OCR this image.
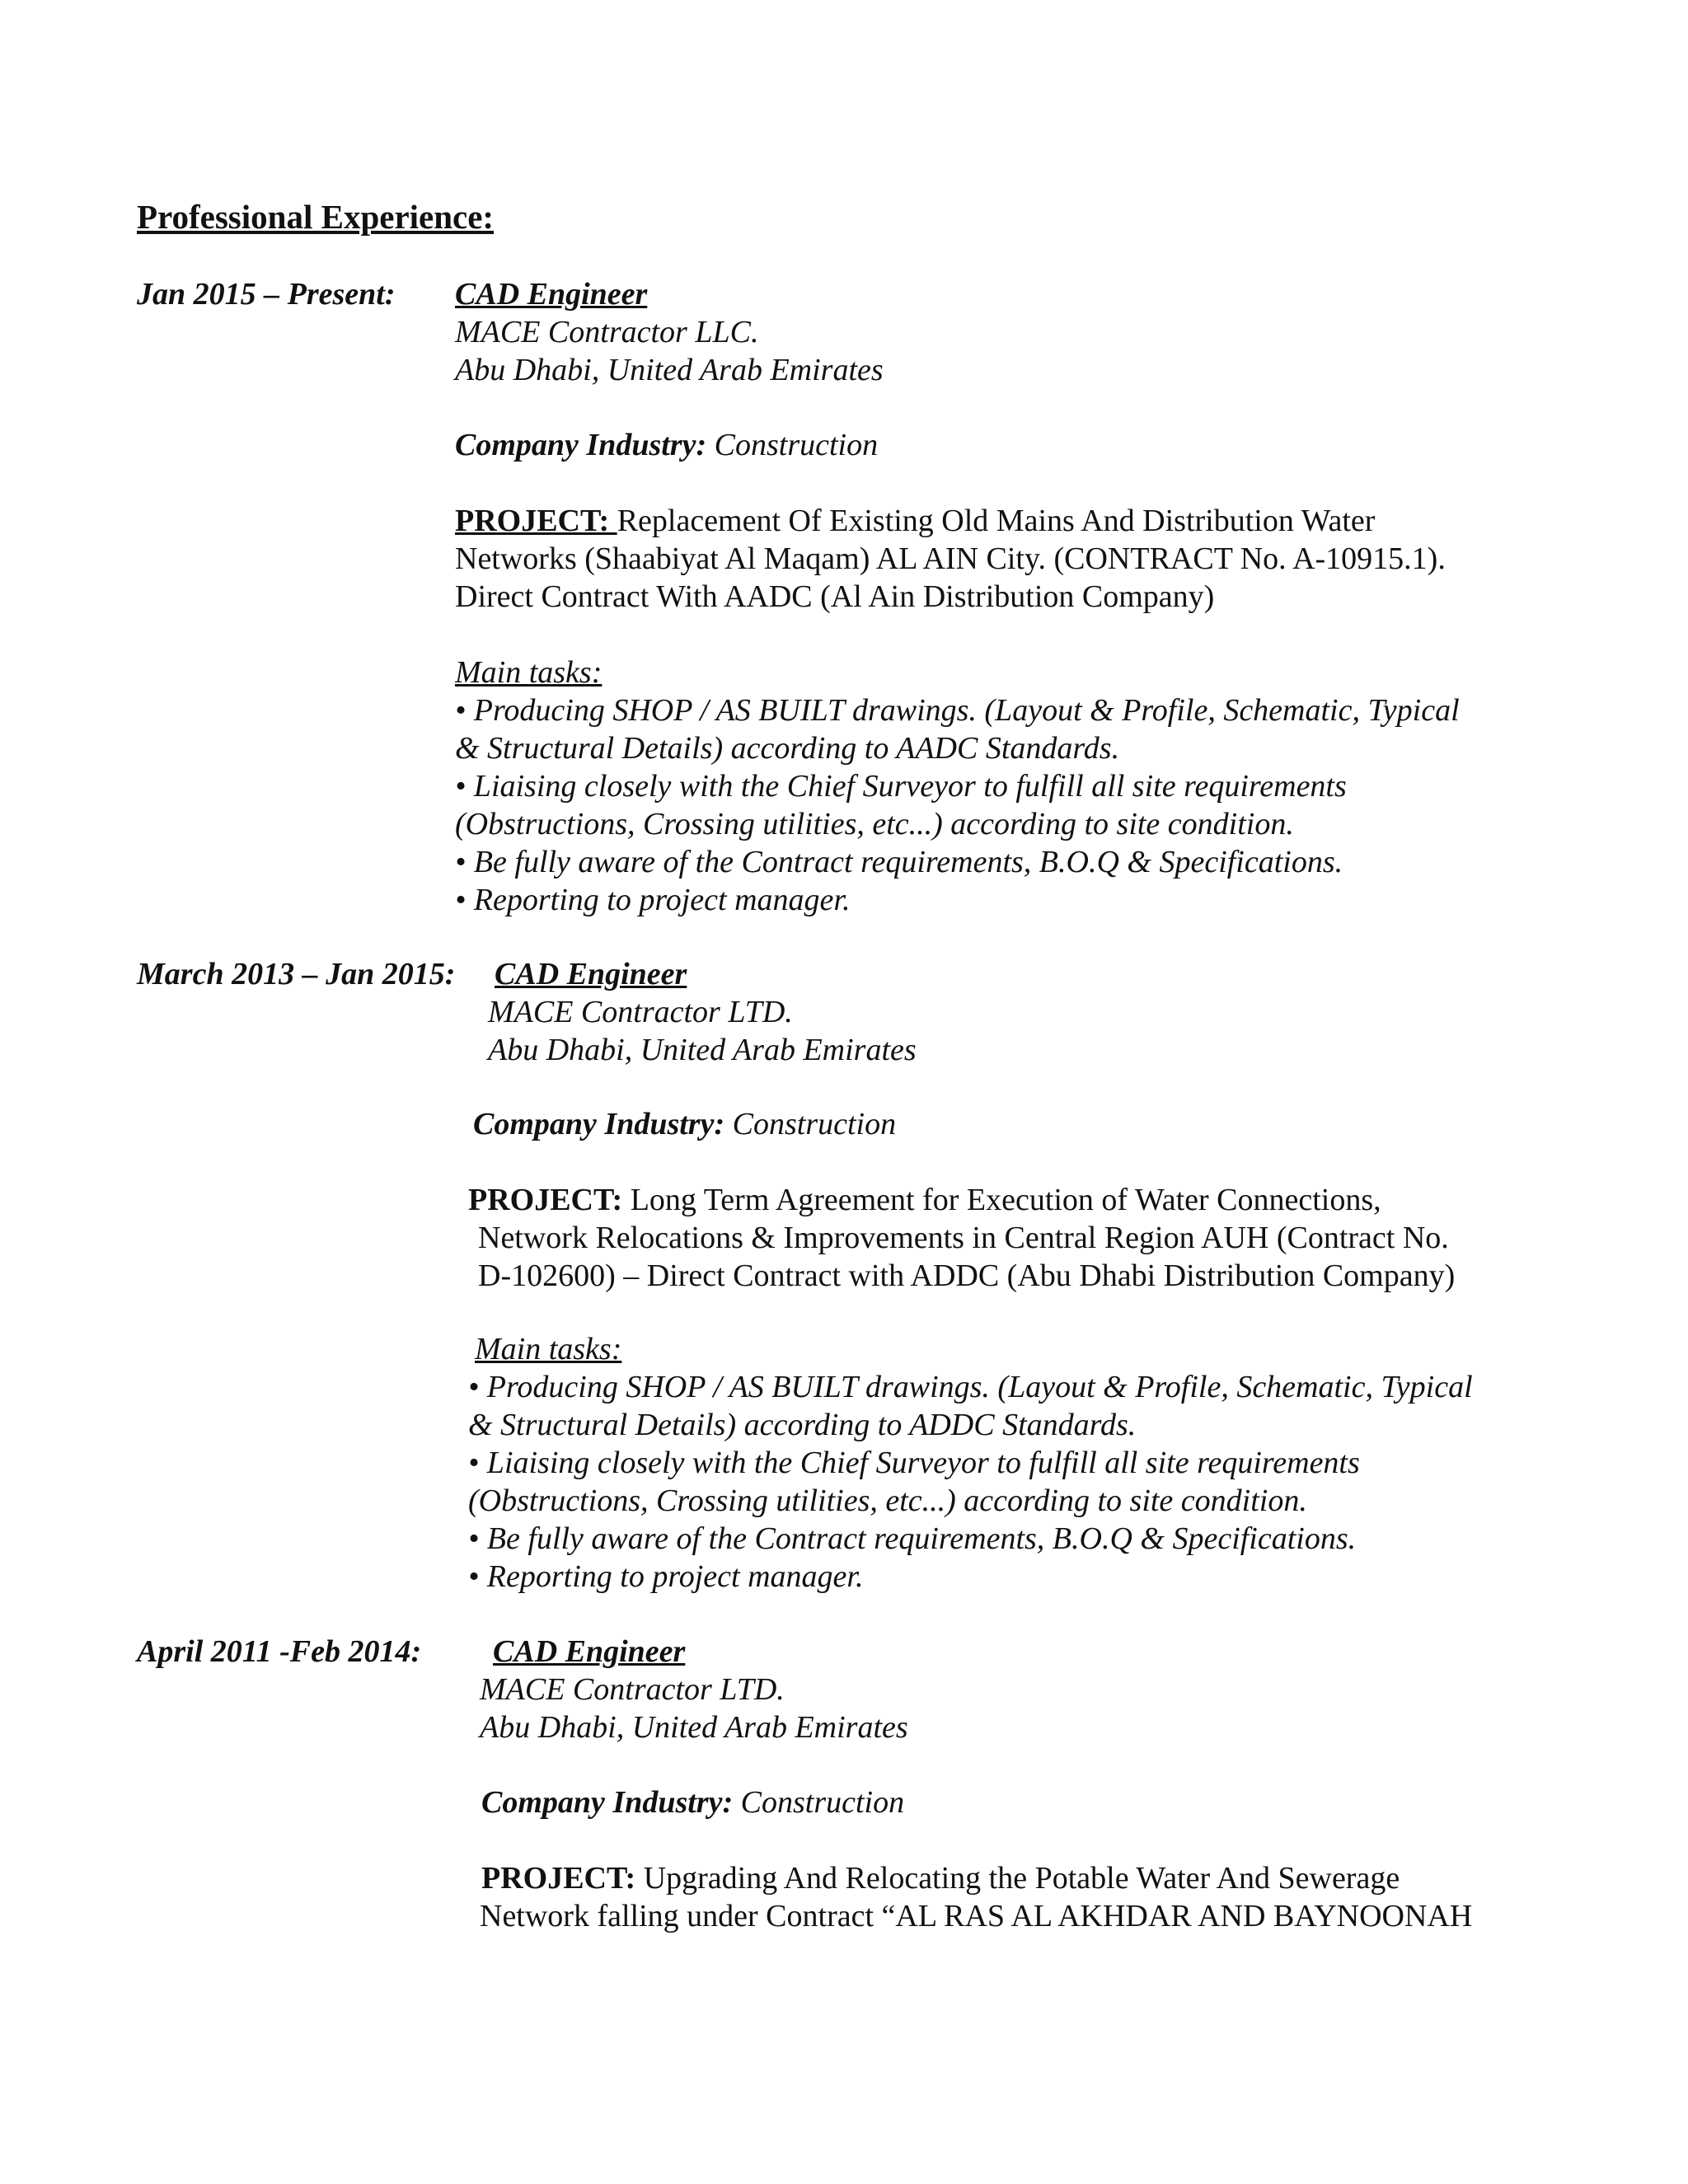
Professional Experience:
Jan 2015 – Present: CAD Engineer
MACE Contractor LLC.
Abu Dhabi, United Arab Emirates
Company Industry: Construction
PROJECT: Replacement Of Existing Old Mains And Distribution Water
Networks (Shaabiyat Al Maqam) AL AIN City. (CONTRACT No. A-10915.1).
Direct Contract With AADC (Al Ain Distribution Company)
Main tasks:
• Producing SHOP / AS BUILT drawings. (Layout & Profile, Schematic, Typical
& Structural Details) according to AADC Standards.
• Liaising closely with the Chief Surveyor to fulfill all site requirements
(Obstructions, Crossing utilities, etc...) according to site condition.
• Be fully aware of the Contract requirements, B.O.Q & Specifications.
• Reporting to project manager.
March 2013 – Jan 2015: CAD Engineer
MACE Contractor LTD.
Abu Dhabi, United Arab Emirates
Company Industry: Construction
PROJECT: Long Term Agreement for Execution of Water Connections,
Network Relocations & Improvements in Central Region AUH (Contract No.
D-102600) – Direct Contract with ADDC (Abu Dhabi Distribution Company)
Main tasks:
• Producing SHOP / AS BUILT drawings. (Layout & Profile, Schematic, Typical
& Structural Details) according to ADDC Standards.
• Liaising closely with the Chief Surveyor to fulfill all site requirements
(Obstructions, Crossing utilities, etc...) according to site condition.
• Be fully aware of the Contract requirements, B.O.Q & Specifications.
• Reporting to project manager.
April 2011 -Feb 2014: CAD Engineer
MACE Contractor LTD.
Abu Dhabi, United Arab Emirates
Company Industry: Construction
PROJECT: Upgrading And Relocating the Potable Water And Sewerage
Network falling under Contract “AL RAS AL AKHDAR AND BAYNOONAH
